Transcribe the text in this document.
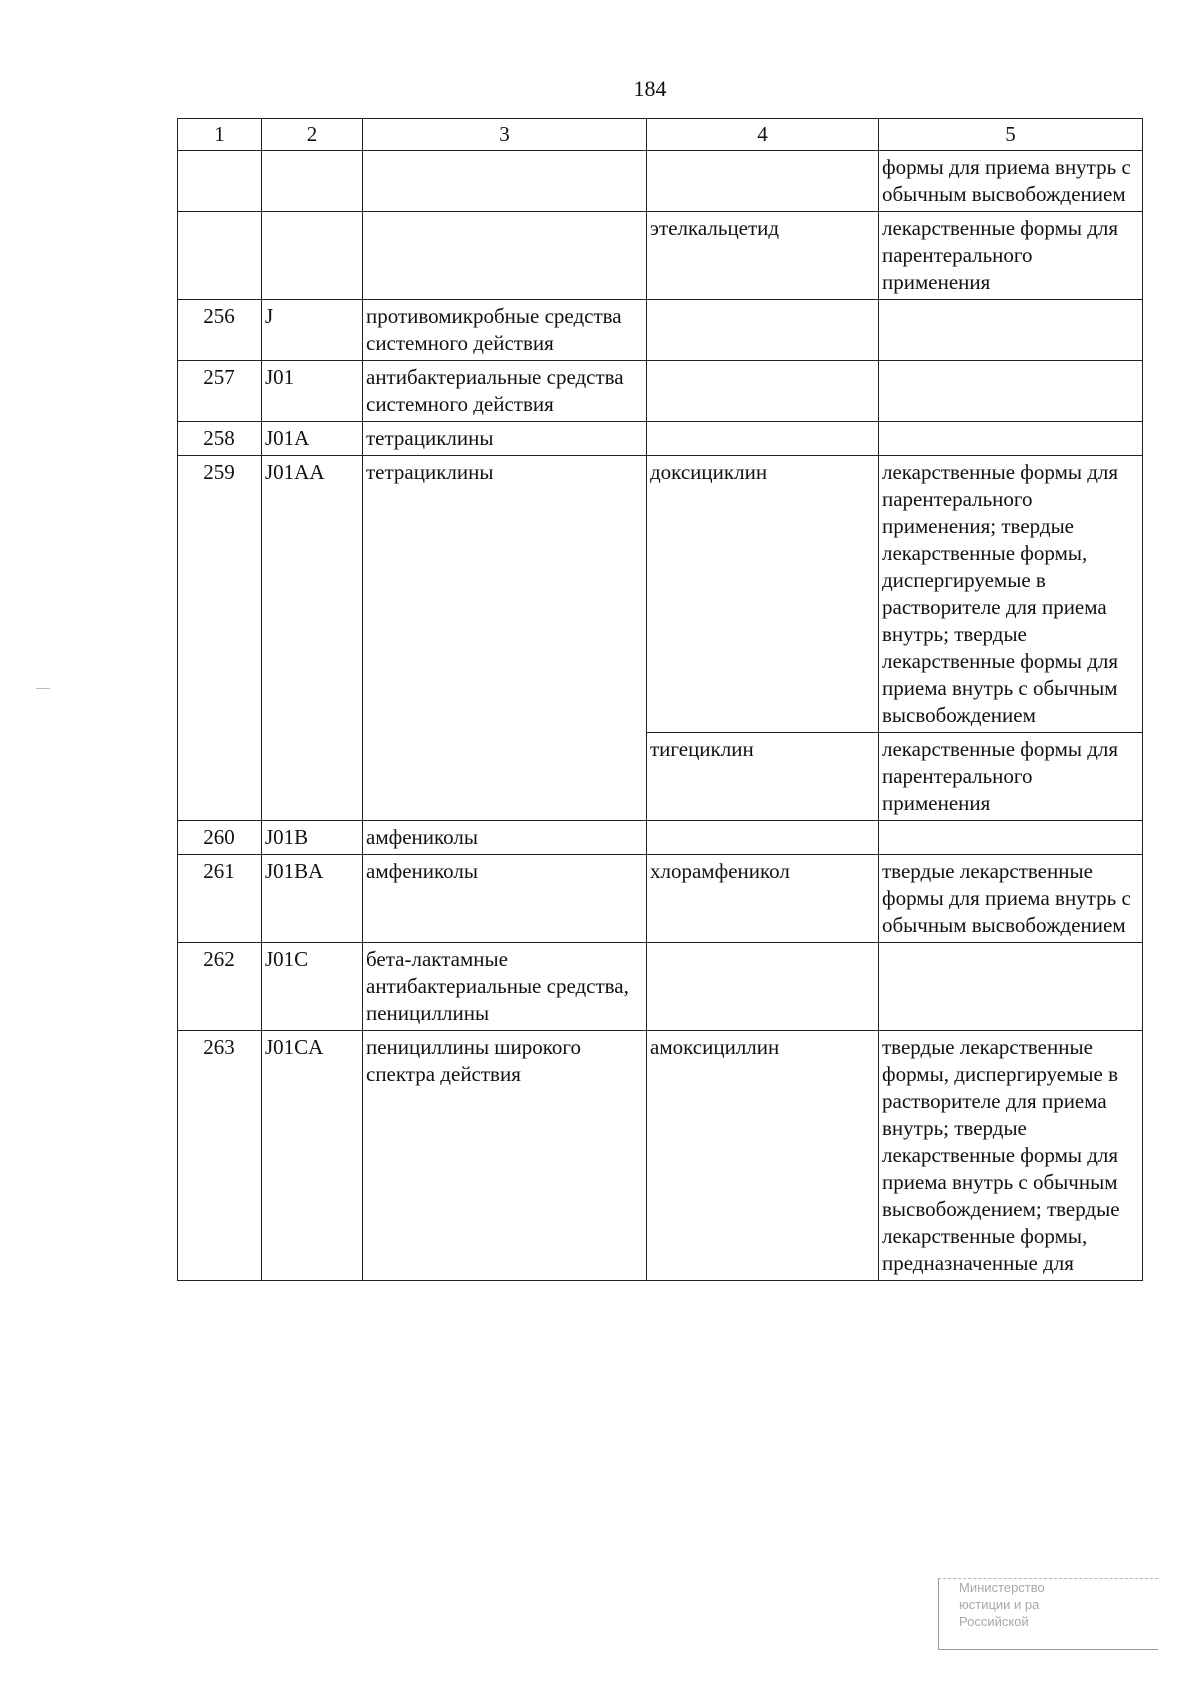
184
1	2	3	4	5
				формы для приема внутрь с обычным высвобождением
			этелкальцетид	лекарственные формы для парентерального применения
256	J	противомикробные средства системного действия		
257	J01	антибактериальные средства системного действия		
258	J01A	тетрациклины		
259	J01AA	тетрациклины	доксициклин	лекарственные формы для парентерального применения; твердые лекарственные формы, диспергируемые в растворителе для приема внутрь; твердые лекарственные формы для приема внутрь с обычным высвобождением
			тигециклин	лекарственные формы для парентерального применения
260	J01B	амфениколы		
261	J01BA	амфениколы	хлорамфеникол	твердые лекарственные формы для приема внутрь с обычным высвобождением
262	J01C	бета-лактамные антибактериальные средства, пенициллины		
263	J01CA	пенициллины широкого спектра действия	амоксициллин	твердые лекарственные формы, диспергируемые в растворителе для приема внутрь; твердые лекарственные формы для приема внутрь с обычным высвобождением; твердые лекарственные формы, предназначенные для
Министерство
юстиции и ра
Российской
